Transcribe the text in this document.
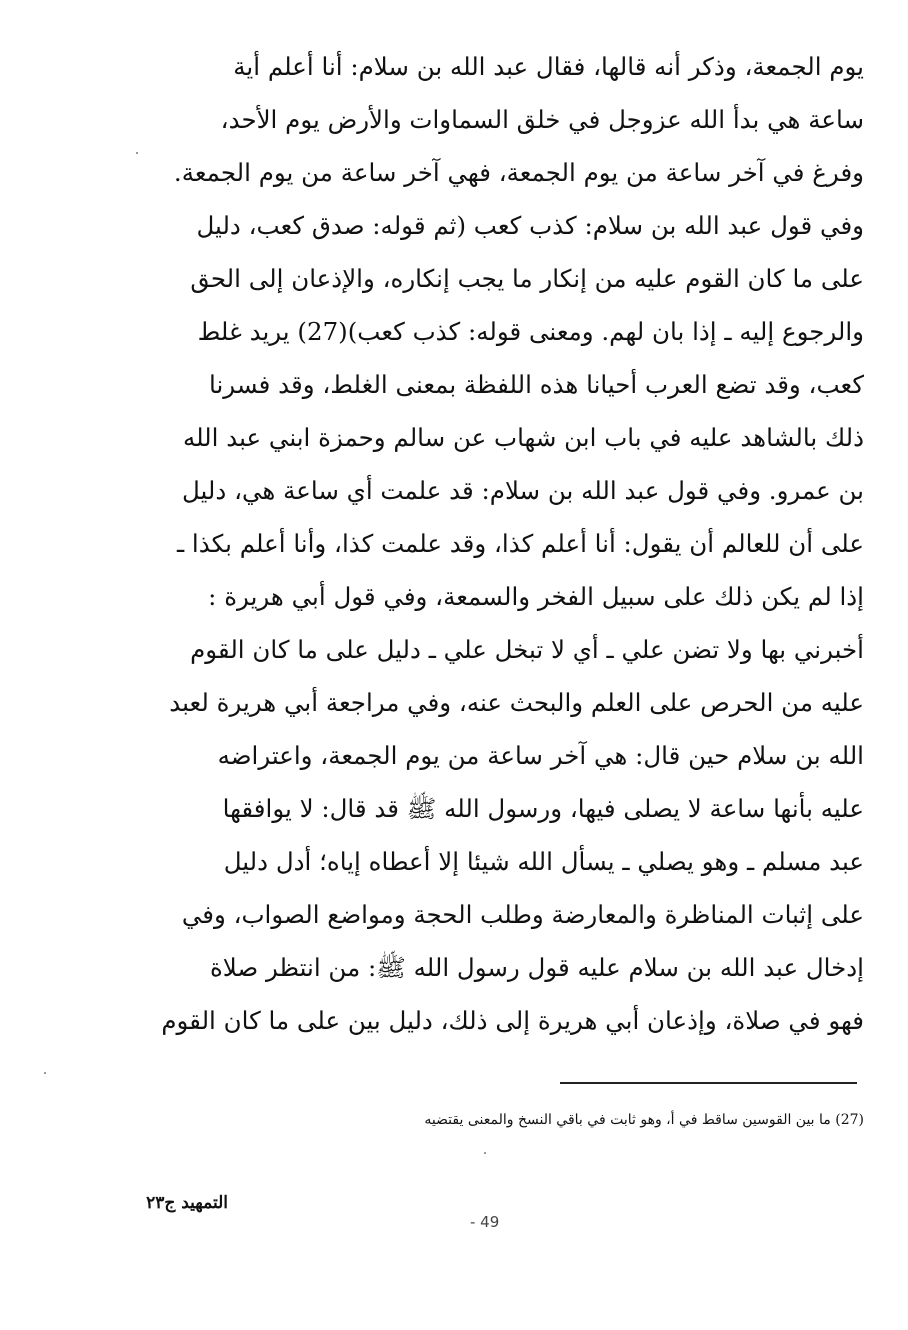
يوم الجمعة، وذكر أنه قالها، فقال عبد الله بن سلام: أنا أعلم أية
ساعة هي بدأ الله عزوجل في خلق السماوات والأرض يوم الأحد،
وفرغ في آخر ساعة من يوم الجمعة، فهي آخر ساعة من يوم الجمعة.
وفي قول عبد الله بن سلام: كذب كعب (ثم قوله: صدق كعب، دليل
على ما كان القوم عليه من إنكار ما يجب إنكاره، والإذعان إلى الحق
والرجوع إليه ـ إذا بان لهم. ومعنى قوله: كذب كعب)(27) يريد غلط
كعب، وقد تضع العرب أحيانا هذه اللفظة بمعنى الغلط، وقد فسرنا
ذلك بالشاهد عليه في باب ابن شهاب عن سالم وحمزة ابني عبد الله
بن عمرو. وفي قول عبد الله بن سلام: قد علمت أي ساعة هي، دليل
على أن للعالم أن يقول: أنا أعلم كذا، وقد علمت كذا، وأنا أعلم بكذا ـ
إذا لم يكن ذلك على سبيل الفخر والسمعة، وفي قول أبي هريرة :
أخبرني بها ولا تضن علي ـ أي لا تبخل علي ـ دليل على ما كان القوم
عليه من الحرص على العلم والبحث عنه، وفي مراجعة أبي هريرة لعبد
الله بن سلام حين قال: هي آخر ساعة من يوم الجمعة، واعتراضه
عليه بأنها ساعة لا يصلى فيها، ورسول الله ﷺ قد قال: لا يوافقها
عبد مسلم ـ وهو يصلي ـ يسأل الله شيئا إلا أعطاه إياه؛ أدل دليل
على إثبات المناظرة والمعارضة وطلب الحجة ومواضع الصواب، وفي
إدخال عبد الله بن سلام عليه قول رسول الله ﷺ: من انتظر صلاة
فهو في صلاة، وإذعان أبي هريرة إلى ذلك، دليل بين على ما كان القوم
(27) ما بين القوسين ساقط في أ، وهو ثابت في باقي النسخ والمعنى يقتضيه
التمهيد ج٢٣
- 49
